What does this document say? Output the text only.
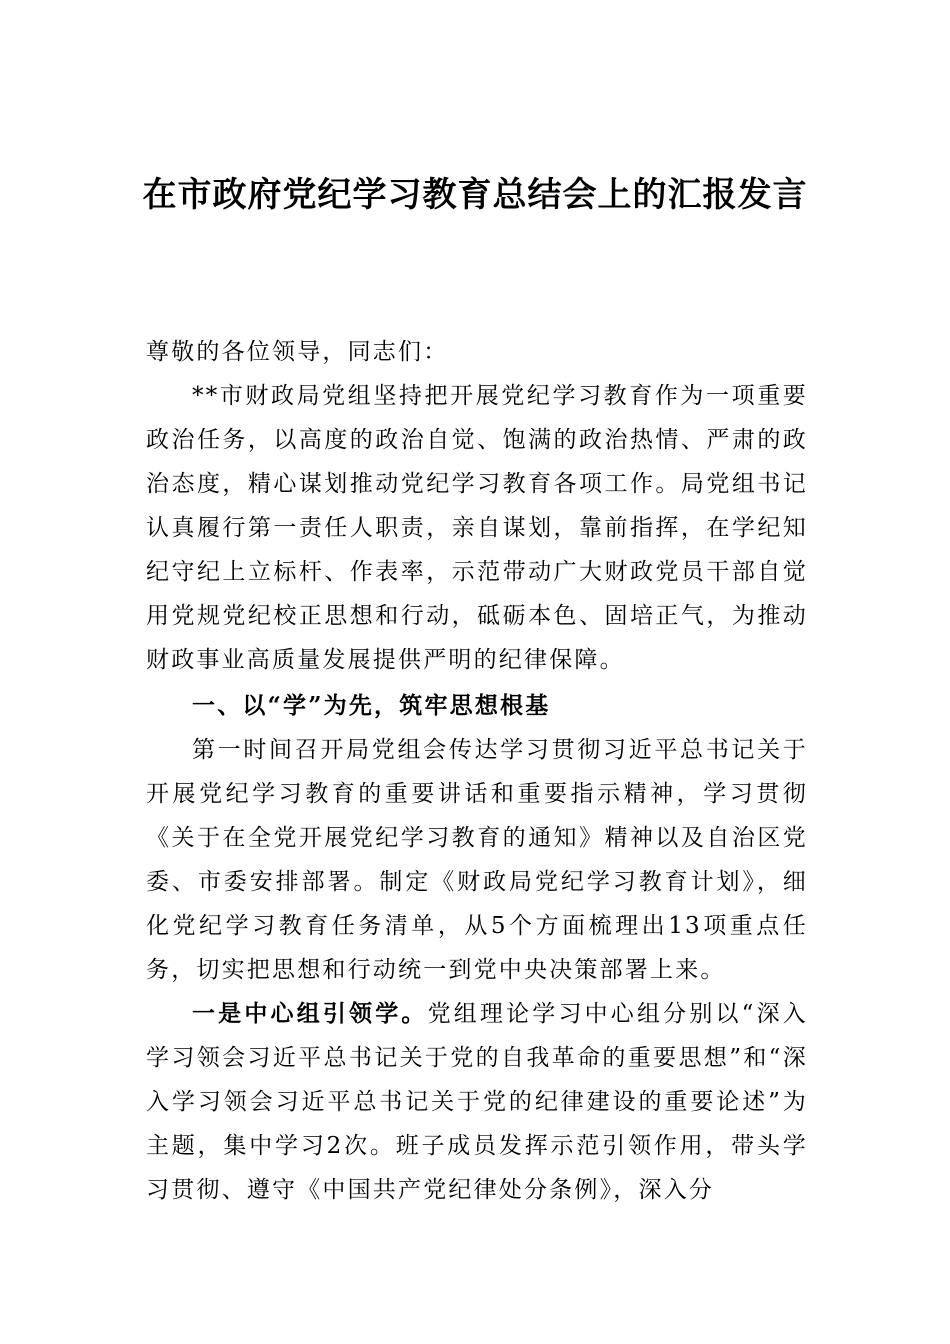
在市政府党纪学习教育总结会上的汇报发言

尊敬的各位领导，同志们：

**市财政局党组坚持把开展党纪学习教育作为一项重要政治任务，以高度的政治自觉、饱满的政治热情、严肃的政治态度，精心谋划推动党纪学习教育各项工作。局党组书记认真履行第一责任人职责，亲自谋划，靠前指挥，在学纪知纪守纪上立标杆、作表率，示范带动广大财政党员干部自觉用党规党纪校正思想和行动，砥砺本色、固培正气，为推动财政事业高质量发展提供严明的纪律保障。

一、以“学”为先，筑牢思想根基

第一时间召开局党组会传达学习贯彻习近平总书记关于开展党纪学习教育的重要讲话和重要指示精神，学习贯彻《关于在全党开展党纪学习教育的通知》精神以及自治区党委、市委安排部署。制定《财政局党纪学习教育计划》，细化党纪学习教育任务清单，从5个方面梳理出13项重点任务，切实把思想和行动统一到党中央决策部署上来。

一是中心组引领学。党组理论学习中心组分别以“深入学习领会习近平总书记关于党的自我革命的重要思想”和“深入学习领会习近平总书记关于党的纪律建设的重要论述”为主题，集中学习2次。班子成员发挥示范引领作用，带头学习贯彻、遵守《中国共产党纪律处分条例》，深入分
